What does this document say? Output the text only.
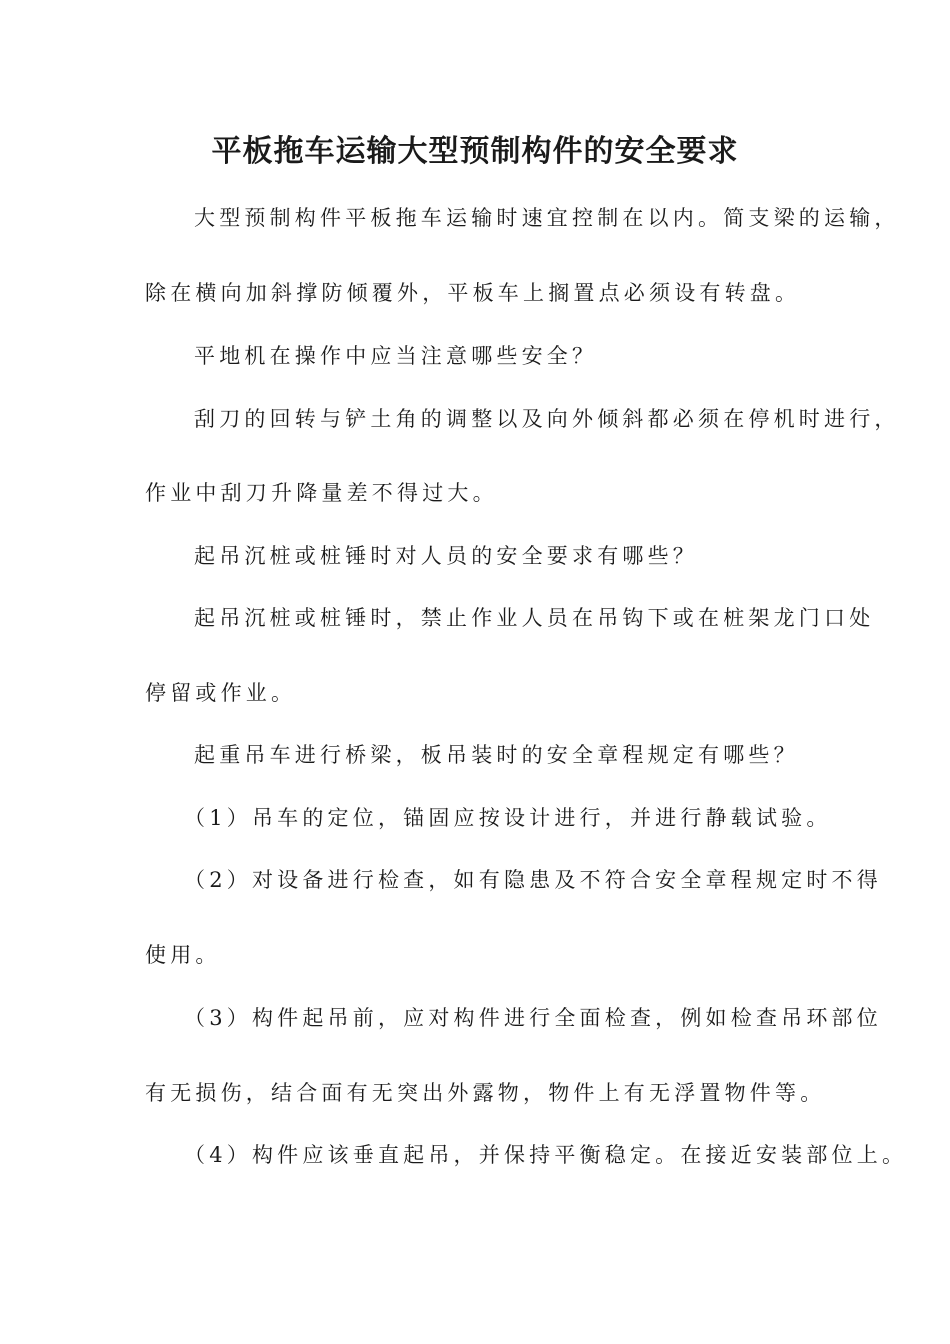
平板拖车运输大型预制构件的安全要求
大型预制构件平板拖车运输时速宜控制在以内。简支梁的运输，
除在横向加斜撑防倾覆外，平板车上搁置点必须设有转盘。
平地机在操作中应当注意哪些安全？
刮刀的回转与铲土角的调整以及向外倾斜都必须在停机时进行，
作业中刮刀升降量差不得过大。
起吊沉桩或桩锤时对人员的安全要求有哪些？
起吊沉桩或桩锤时，禁止作业人员在吊钩下或在桩架龙门口处
停留或作业。
起重吊车进行桥梁，板吊装时的安全章程规定有哪些？
（1）吊车的定位，锚固应按设计进行，并进行静载试验。
（2）对设备进行检查，如有隐患及不符合安全章程规定时不得
使用。
（3）构件起吊前，应对构件进行全面检查，例如检查吊环部位
有无损伤，结合面有无突出外露物，物件上有无浮置物件等。
（4）构件应该垂直起吊，并保持平衡稳定。在接近安装部位上。
